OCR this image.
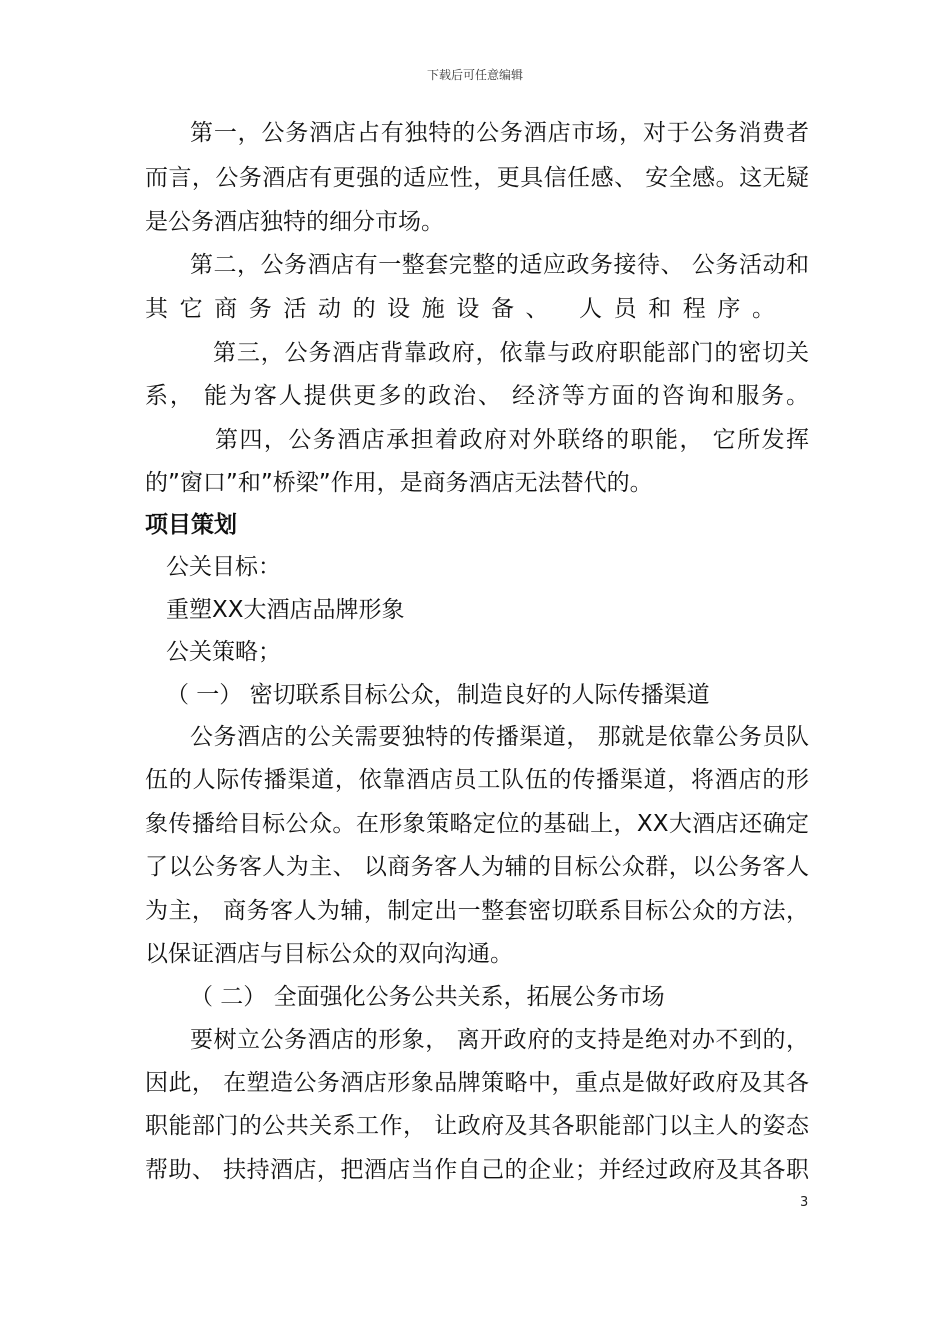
下载后可任意编辑
第一，公务酒店占有独特的公务酒店市场，对于公务消费者
而言，公务酒店有更强的适应性，更具信任感、 安全感。这无疑
是公务酒店独特的细分市场。
第二，公务酒店有一整套完整的适应政务接待、 公务活动和
其它商务活动的设施设备、 人员和程序。
第三，公务酒店背靠政府，依靠与政府职能部门的密切关
系， 能为客人提供更多的政治、 经济等方面的咨询和服务。
第四，公务酒店承担着政府对外联络的职能， 它所发挥
的”窗口”和”桥梁”作用，是商务酒店无法替代的。
项目策划
公关目标：
重塑XX大酒店品牌形象
公关策略；
（ 一） 密切联系目标公众，制造良好的人际传播渠道
公务酒店的公关需要独特的传播渠道， 那就是依靠公务员队
伍的人际传播渠道，依靠酒店员工队伍的传播渠道，将酒店的形
象传播给目标公众。在形象策略定位的基础上，XX大酒店还确定
了以公务客人为主、 以商务客人为辅的目标公众群，以公务客人
为主， 商务客人为辅，制定出一整套密切联系目标公众的方法，
以保证酒店与目标公众的双向沟通。
（ 二） 全面强化公务公共关系，拓展公务市场
要树立公务酒店的形象， 离开政府的支持是绝对办不到的，
因此， 在塑造公务酒店形象品牌策略中，重点是做好政府及其各
职能部门的公共关系工作， 让政府及其各职能部门以主人的姿态
帮助、 扶持酒店，把酒店当作自己的企业；并经过政府及其各职
3
